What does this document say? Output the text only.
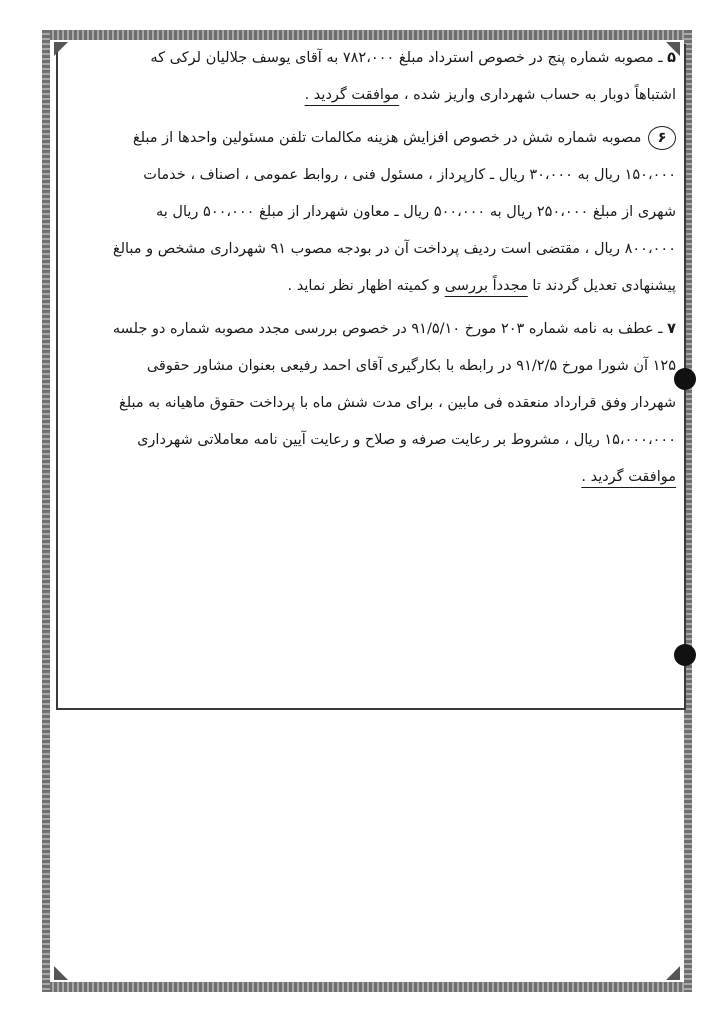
۵ ـ مصوبه شماره پنج در خصوص استرداد مبلغ ۷۸۲،۰۰۰ به آقای یوسف جلالیان لرکی که

اشتباهاً دوبار به حساب شهرداری واریز شده ، موافقت گردید .

۶ مصوبه شماره شش در خصوص افزایش هزینه مکالمات تلفن مسئولین واحدها از مبلغ

۱۵۰،۰۰۰ ریال به ۳۰،۰۰۰ ریال ـ کارپرداز ، مسئول فنی ، روابط عمومی ، اصناف ، خدمات

شهری از مبلغ ۲۵۰،۰۰۰ ریال به ۵۰۰،۰۰۰ ریال ـ معاون شهردار از مبلغ ۵۰۰،۰۰۰ ریال به

۸۰۰،۰۰۰ ریال ، مقتضی است ردیف پرداخت آن در بودجه مصوب ۹۱ شهرداری مشخص و مبالغ

پیشنهادی تعدیل گردند تا مجدداً بررسی و کمیته اظهار نظر نماید .

۷ ـ عطف به نامه شماره ۲۰۳ مورخ ۹۱/۵/۱۰ در خصوص بررسی مجدد مصوبه شماره دو جلسه

۱۲۵ آن شورا مورخ ۹۱/۲/۵ در رابطه با بکارگیری آقای احمد رفیعی بعنوان مشاور حقوقی

شهردار وفق قرارداد منعقده فی مابین ، برای مدت شش ماه با پرداخت حقوق ماهیانه به مبلغ

۱۵،۰۰۰،۰۰۰ ریال ، مشروط بر رعایت صرفه و صلاح و رعایت آیین نامه معاملاتی شهرداری

موافقت گردید .
